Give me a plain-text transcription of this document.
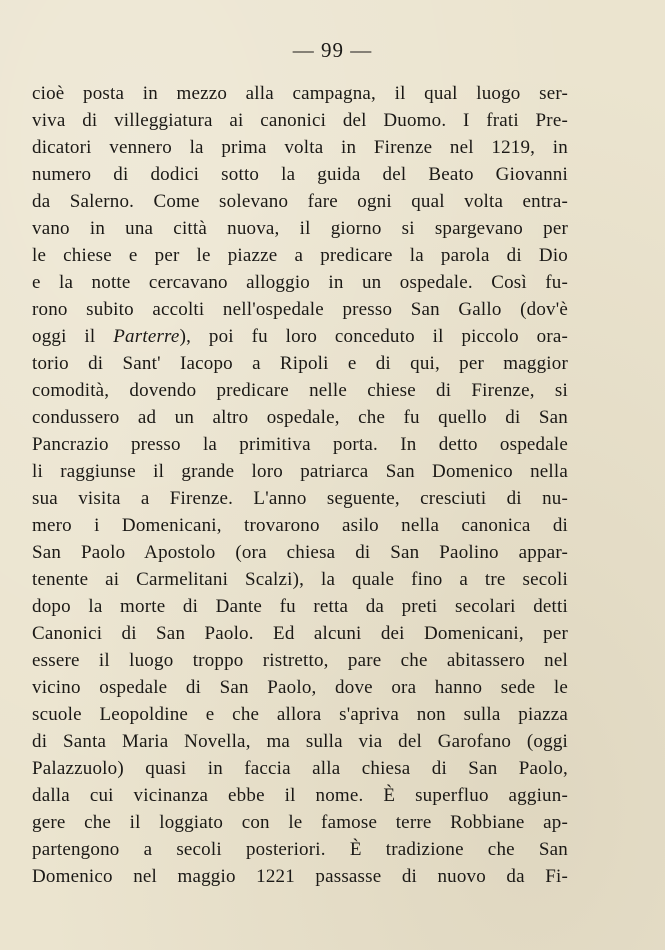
— 99 —
cioè posta in mezzo alla campagna, il qual luogo ser-
viva di villeggiatura ai canonici del Duomo. I frati Pre-
dicatori vennero la prima volta in Firenze nel 1219, in
numero di dodici sotto la guida del Beato Giovanni
da Salerno. Come solevano fare ogni qual volta entra-
vano in una città nuova, il giorno si spargevano per
le chiese e per le piazze a predicare la parola di Dio
e la notte cercavano alloggio in un ospedale. Così fu-
rono subito accolti nell'ospedale presso San Gallo (dov'è
oggi il Parterre), poi fu loro conceduto il piccolo ora-
torio di Sant' Iacopo a Ripoli e di qui, per maggior
comodità, dovendo predicare nelle chiese di Firenze, si
condussero ad un altro ospedale, che fu quello di San
Pancrazio presso la primitiva porta. In detto ospedale
li raggiunse il grande loro patriarca San Domenico nella
sua visita a Firenze. L'anno seguente, cresciuti di nu-
mero i Domenicani, trovarono asilo nella canonica di
San Paolo Apostolo (ora chiesa di San Paolino appar-
tenente ai Carmelitani Scalzi), la quale fino a tre secoli
dopo la morte di Dante fu retta da preti secolari detti
Canonici di San Paolo. Ed alcuni dei Domenicani, per
essere il luogo troppo ristretto, pare che abitassero nel
vicino ospedale di San Paolo, dove ora hanno sede le
scuole Leopoldine e che allora s'apriva non sulla piazza
di Santa Maria Novella, ma sulla via del Garofano (oggi
Palazzuolo) quasi in faccia alla chiesa di San Paolo,
dalla cui vicinanza ebbe il nome. È superfluo aggiun-
gere che il loggiato con le famose terre Robbiane ap-
partengono a secoli posteriori. È tradizione che San
Domenico nel maggio 1221 passasse di nuovo da Fi-
